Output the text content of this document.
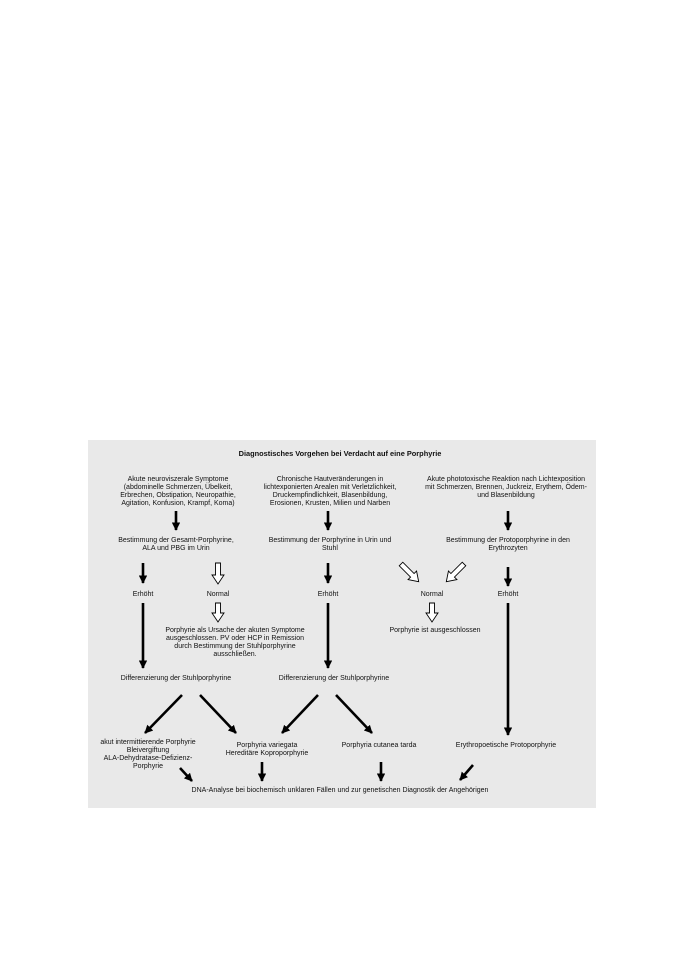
Diagnostisches Vorgehen bei Verdacht auf eine Porphyrie
Akute neuroviszerale Symptome
(abdominelle Schmerzen, Übelkeit,
Erbrechen, Obstipation, Neuropathie,
Agitation, Konfusion, Krampf, Koma)
Chronische Hautveränderungen in
lichtexponierten Arealen mit Verletzlichkeit,
Druckempfindlichkeit, Blasenbildung,
Erosionen, Krusten, Milien und Narben
Akute phototoxische Reaktion nach Lichtexposition
mit Schmerzen, Brennen, Juckreiz, Erythem, Ödem-
und Blasenbildung
Bestimmung der Gesamt-Porphyrine,
ALA und PBG im Urin
Bestimmung der Porphyrine in Urin und
Stuhl
Bestimmung der Protoporphyrine in den
Erythrozyten
Erhöht	Normal	Erhöht	Normal	Erhöht
Porphyrie als Ursache der akuten Symptome
ausgeschlossen. PV oder HCP in Remission
durch Bestimmung der Stuhlporphyrine
ausschließen.
Porphyrie ist ausgeschlossen
Differenzierung der Stuhlporphyrine	Differenzierung der Stuhlporphyrine
akut intermittierende Porphyrie
Bleivergiftung
ALA-Dehydratase-Defizienz-
Porphyrie
Porphyria variegata
Hereditäre Koproporphyrie
Porphyria cutanea tarda	Erythropoetische Protoporphyrie
DNA-Analyse bei biochemisch unklaren Fällen und zur genetischen Diagnostik der Angehörigen
